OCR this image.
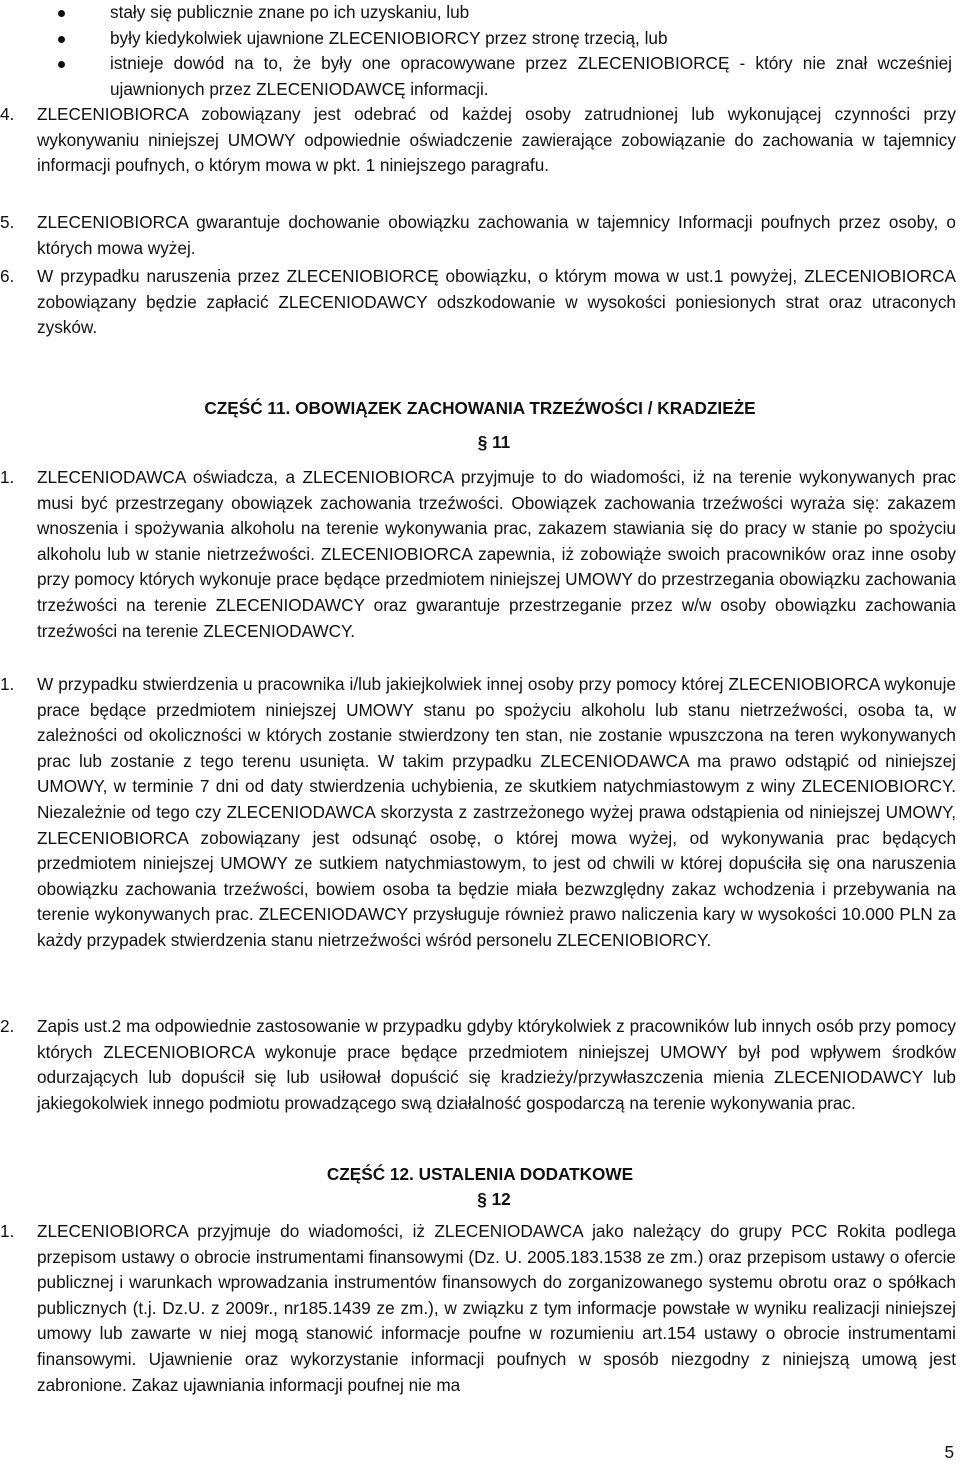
stały się publicznie znane po ich uzyskaniu, lub
były kiedykolwiek ujawnione ZLECENIOBIORCY przez stronę trzecią, lub
istnieje dowód na to, że były one opracowywane przez ZLECENIOBIORCĘ - który nie znał wcześniej ujawnionych przez ZLECENIODAWCĘ informacji.
4. ZLECENIOBIORCA zobowiązany jest odebrać od każdej osoby zatrudnionej lub wykonującej czynności przy wykonywaniu niniejszej UMOWY odpowiednie oświadczenie zawierające zobowiązanie do zachowania w tajemnicy informacji poufnych, o którym mowa w pkt. 1 niniejszego paragrafu.
5. ZLECENIOBIORCA gwarantuje dochowanie obowiązku zachowania w tajemnicy Informacji poufnych przez osoby, o których mowa wyżej.
6. W przypadku naruszenia przez ZLECENIOBIORCĘ obowiązku, o którym mowa w ust.1 powyżej, ZLECENIOBIORCA zobowiązany będzie zapłacić ZLECENIODAWCY odszkodowanie w wysokości poniesionych strat oraz utraconych zysków.
CZĘŚĆ 11. OBOWIĄZEK ZACHOWANIA TRZEŹWOŚCI / KRADZIEŻE
§ 11
1. ZLECENIODAWCA oświadcza, a ZLECENIOBIORCA przyjmuje to do wiadomości, iż na terenie wykonywanych prac musi być przestrzegany obowiązek zachowania trzeźwości. Obowiązek zachowania trzeźwości wyraża się: zakazem wnoszenia i spożywania alkoholu na terenie wykonywania prac, zakazem stawiania się do pracy w stanie po spożyciu alkoholu lub w stanie nietrzeźwości. ZLECENIOBIORCA zapewnia, iż zobowiąże swoich pracowników oraz inne osoby przy pomocy których wykonuje prace będące przedmiotem niniejszej UMOWY do przestrzegania obowiązku zachowania trzeźwości na terenie ZLECENIODAWCY oraz gwarantuje przestrzeganie przez w/w osoby obowiązku zachowania trzeźwości na terenie ZLECENIODAWCY.
1. W przypadku stwierdzenia u pracownika i/lub jakiejkolwiek innej osoby przy pomocy której ZLECENIOBIORCA wykonuje prace będące przedmiotem niniejszej UMOWY stanu po spożyciu alkoholu lub stanu nietrzeźwości, osoba ta, w zależności od okoliczności w których zostanie stwierdzony ten stan, nie zostanie wpuszczona na teren wykonywanych prac lub zostanie z tego terenu usunięta. W takim przypadku ZLECENIODAWCA ma prawo odstąpić od niniejszej UMOWY, w terminie 7 dni od daty stwierdzenia uchybienia, ze skutkiem natychmiastowym z winy ZLECENIOBIORCY. Niezależnie od tego czy ZLECENIODAWCA skorzysta z zastrzeżonego wyżej prawa odstąpienia od niniejszej UMOWY, ZLECENIOBIORCA zobowiązany jest odsunąć osobę, o której mowa wyżej, od wykonywania prac będących przedmiotem niniejszej UMOWY ze sutkiem natychmiastowym, to jest od chwili w której dopuściła się ona naruszenia obowiązku zachowania trzeźwości, bowiem osoba ta będzie miała bezwzględny zakaz wchodzenia i przebywania na terenie wykonywanych prac. ZLECENIODAWCY przysługuje również prawo naliczenia kary w wysokości 10.000 PLN za każdy przypadek stwierdzenia stanu nietrzeźwości wśród personelu ZLECENIOBIORCY.
2. Zapis ust.2 ma odpowiednie zastosowanie w przypadku gdyby którykolwiek z pracowników lub innych osób przy pomocy których ZLECENIOBIORCA wykonuje prace będące przedmiotem niniejszej UMOWY był pod wpływem środków odurzających lub dopuścił się lub usiłował dopuścić się kradzieży/przywłaszczenia mienia ZLECENIODAWCY lub jakiegokolwiek innego podmiotu prowadzącego swą działalność gospodarczą na terenie wykonywania prac.
CZĘŚĆ 12. USTALENIA DODATKOWE
§ 12
1. ZLECENIOBIORCA przyjmuje do wiadomości, iż ZLECENIODAWCA jako należący do grupy PCC Rokita podlega przepisom ustawy o obrocie instrumentami finansowymi (Dz. U. 2005.183.1538 ze zm.) oraz przepisom ustawy o ofercie publicznej i warunkach wprowadzania instrumentów finansowych do zorganizowanego systemu obrotu oraz o spółkach publicznych (t.j. Dz.U. z 2009r., nr185.1439 ze zm.), w związku z tym informacje powstałe w wyniku realizacji niniejszej umowy lub zawarte w niej mogą stanowić informacje poufne w rozumieniu art.154 ustawy o obrocie instrumentami finansowymi. Ujawnienie oraz wykorzystanie informacji poufnych w sposób niezgodny z niniejszą umową jest zabronione. Zakaz ujawniania informacji poufnej nie ma
5
